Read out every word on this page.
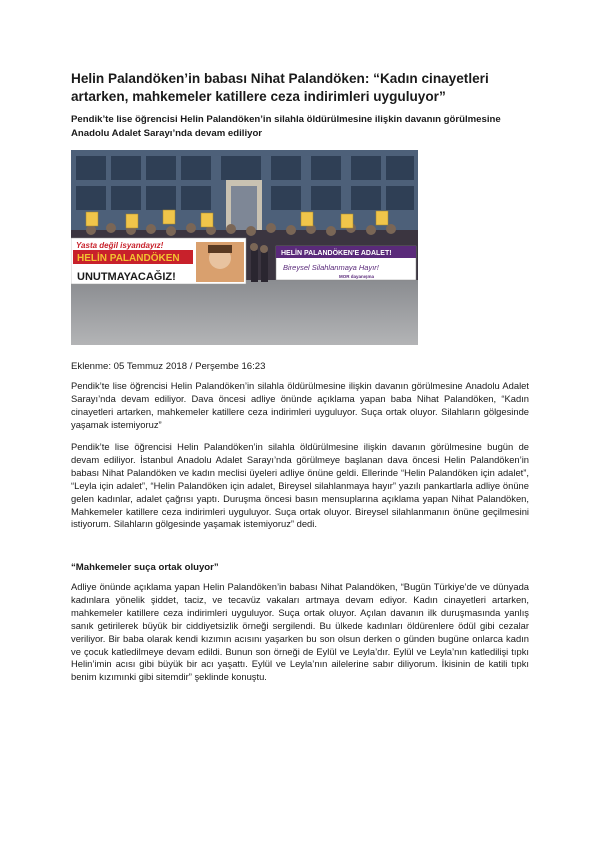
Helin Palandöken’in babası Nihat Palandöken: “Kadın cinayetleri artarken, mahkemeler katillere ceza indirimleri uyguluyor”
Pendik’te lise öğrencisi Helin Palandöken’in silahla öldürülmesine ilişkin davanın görülmesine Anadolu Adalet Sarayı’nda devam ediliyor
Yasta değil isyandayız!
HELİN PALANDÖKEN
UNUTMAYACAĞIZ!
HELİN PALANDÖKEN'E ADALET!
Bireysel Silahlanmaya Hayır!
MOR dayanışma
Eklenme: 05 Temmuz 2018 / Perşembe 16:23
Pendik’te lise öğrencisi Helin Palandöken’in silahla öldürülmesine ilişkin davanın görülmesine Anadolu Adalet Sarayı’nda devam ediliyor. Dava öncesi adliye önünde açıklama yapan baba Nihat Palandöken, “Kadın cinayetleri artarken, mahkemeler katillere ceza indirimleri uyguluyor. Suça ortak oluyor. Silahların gölgesinde yaşamak istemiyoruz”
Pendik’te lise öğrencisi Helin Palandöken’in silahla öldürülmesine ilişkin davanın görülmesine bugün de devam ediliyor. İstanbul Anadolu Adalet Sarayı’nda görülmeye başlanan dava öncesi Helin Palandöken’in babası Nihat Palandöken ve kadın meclisi üyeleri adliye önüne geldi. Ellerinde “Helin Palandöken için adalet”, “Leyla için adalet”, “Helin Palandöken için adalet, Bireysel silahlanmaya hayır” yazılı pankartlarla adliye önüne gelen kadınlar, adalet çağrısı yaptı. Duruşma öncesi basın mensuplarına açıklama yapan Nihat Palandöken, Mahkemeler katillere ceza indirimleri uyguluyor. Suça ortak oluyor. Bireysel silahlanmanın önüne geçilmesini istiyorum. Silahların gölgesinde yaşamak istemiyoruz” dedi.
“Mahkemeler suça ortak oluyor”
Adliye önünde açıklama yapan Helin Palandöken’in babası Nihat Palandöken, “Bugün Türkiye’de ve dünyada kadınlara yönelik şiddet, taciz, ve tecavüz vakaları artmaya devam ediyor. Kadın cinayetleri artarken, mahkemeler katillere ceza indirimleri uyguluyor. Suça ortak oluyor. Açılan davanın ilk duruşmasında yanlış sanık getirilerek büyük bir ciddiyetsizlik örneği sergilendi. Bu ülkede kadınları öldürenlere ödül gibi cezalar veriliyor. Bir baba olarak kendi kızımın acısını yaşarken bu son olsun derken o günden bugüne onlarca kadın ve çocuk katledilmeye devam edildi. Bunun son örneği de Eylül ve Leyla’dır. Eylül ve Leyla’nın katledilişi tıpkı Helin’imin acısı gibi büyük bir acı yaşattı. Eylül ve Leyla’nın ailelerine sabır diliyorum. İkisinin de katili tıpkı benim kızımınki gibi sitemdir” şeklinde konuştu.
